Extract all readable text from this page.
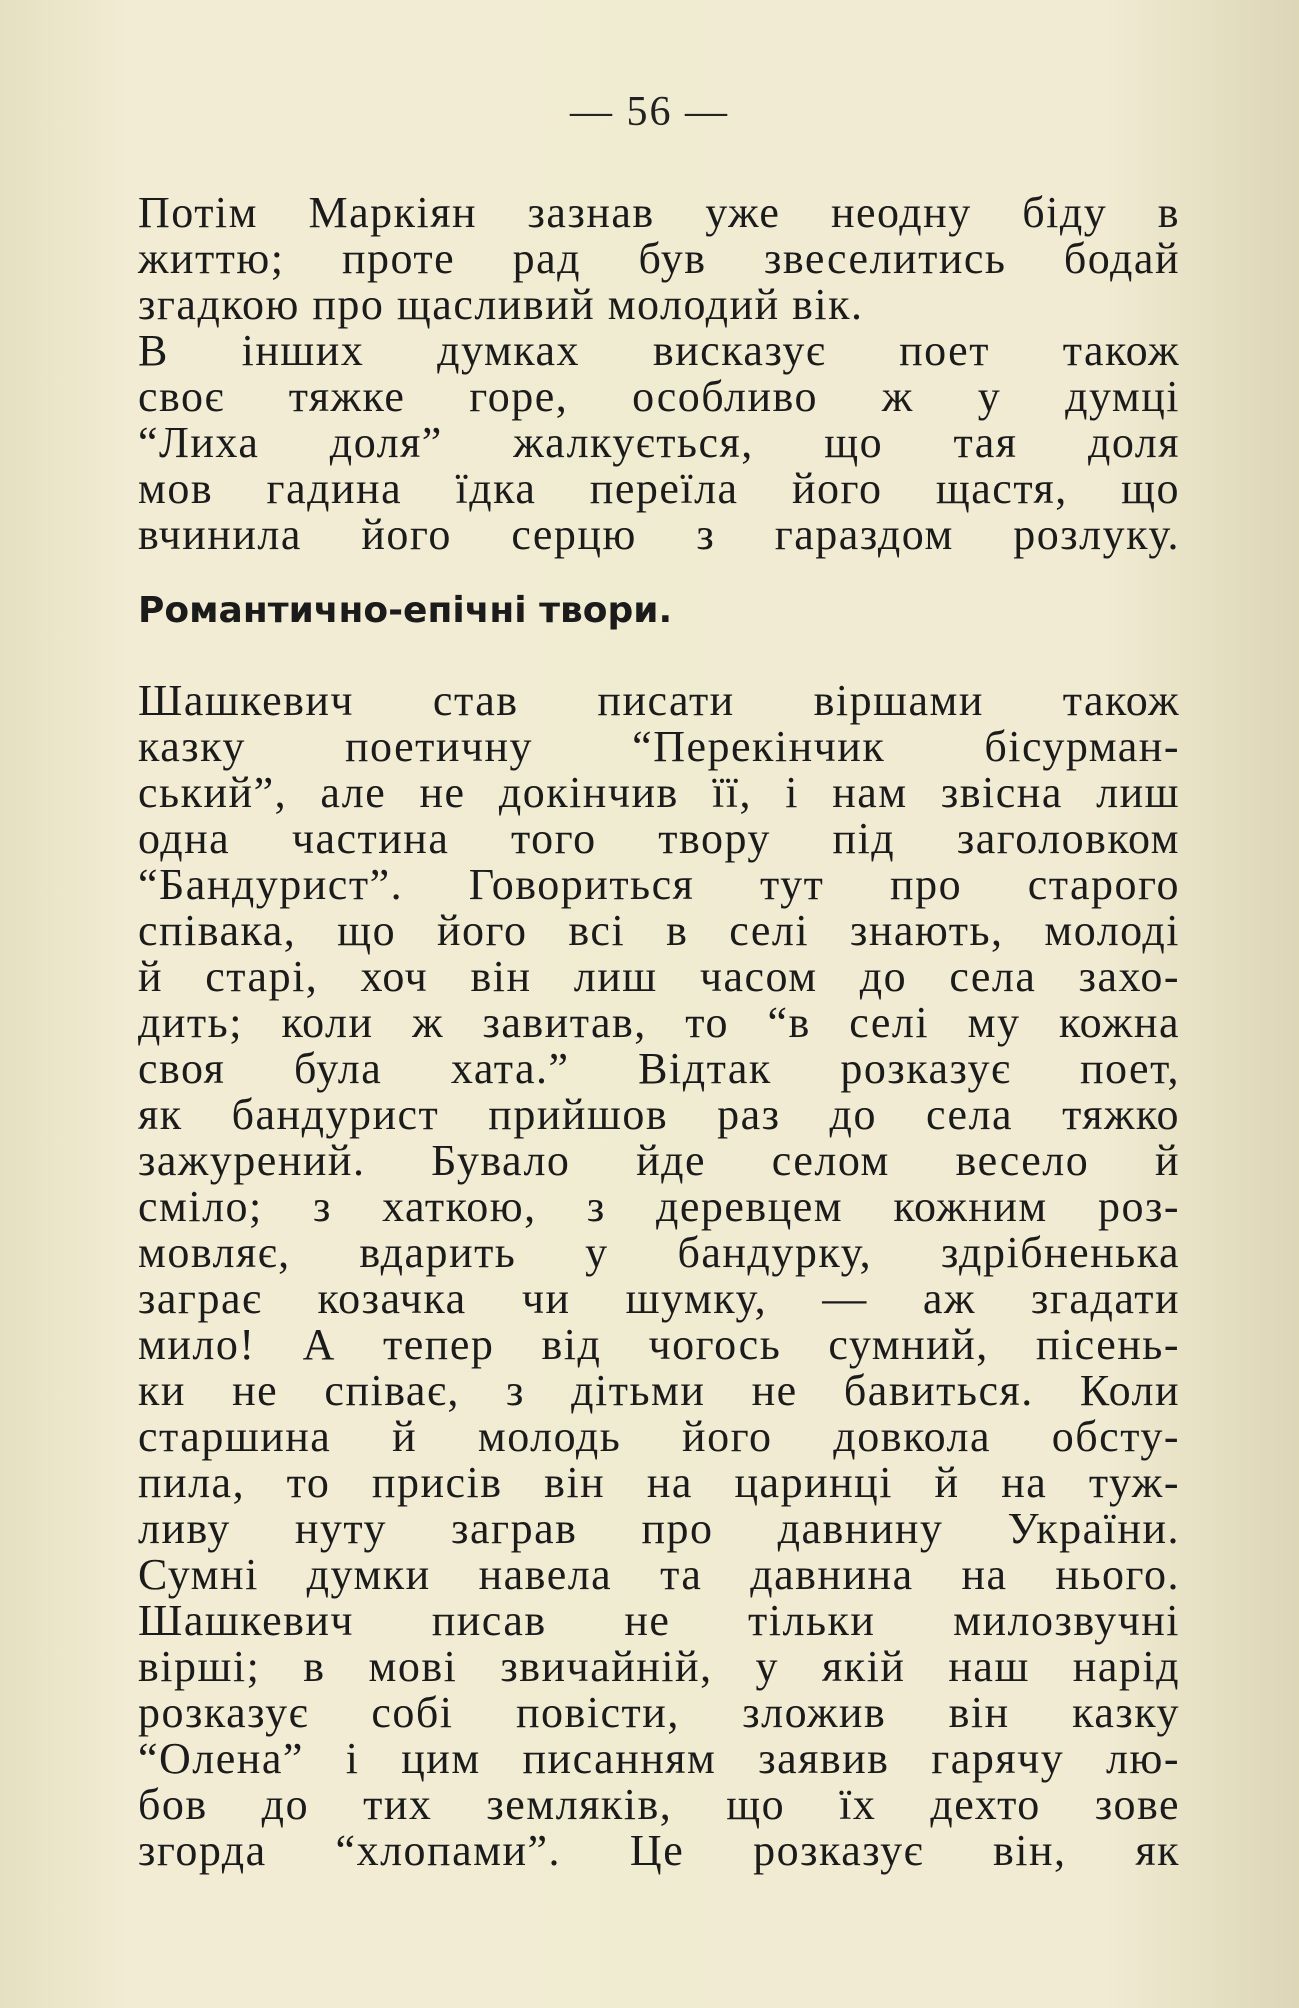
— 56 —
Потім Маркіян зазнав уже неодну біду в
життю; проте рад був звеселитись бодай
згадкою про щасливий молодий вік.
В інших думках висказує поет також
своє тяжке горе, особливо ж у думці
“Лиха доля” жалкується, що тая доля
мов гадина їдка переїла його щастя, що
вчинила його серцю з гараздом розлуку.
Романтично-епічні твори.
Шашкевич став писати віршами також
казку поетичну “Перекінчик бісурман-
ський”, але не докінчив її, і нам звісна лиш
одна частина того твору під заголовком
“Бандурист”. Говориться тут про старого
співака, що його всі в селі знають, молоді
й старі, хоч він лиш часом до села захо-
дить; коли ж завитав, то “в селі му кожна
своя була хата.” Відтак розказує поет,
як бандурист прийшов раз до села тяжко
зажурений. Бувало йде селом весело й
сміло; з хаткою, з деревцем кожним роз-
мовляє, вдарить у бандурку, здрібненька
заграє козачка чи шумку, — аж згадати
мило! А тепер від чогось сумний, пісень-
ки не співає, з дітьми не бавиться. Коли
старшина й молодь його довкола обсту-
пила, то присів він на царинці й на туж-
ливу нуту заграв про давнину України.
Сумні думки навела та давнина на нього.
Шашкевич писав не тільки милозвучні
вірші; в мові звичайній, у якій наш нарід
розказує собі повісти, зложив він казку
“Олена” і цим писанням заявив гарячу лю-
бов до тих земляків, що їх дехто зове
згорда “хлопами”. Це розказує він, як
